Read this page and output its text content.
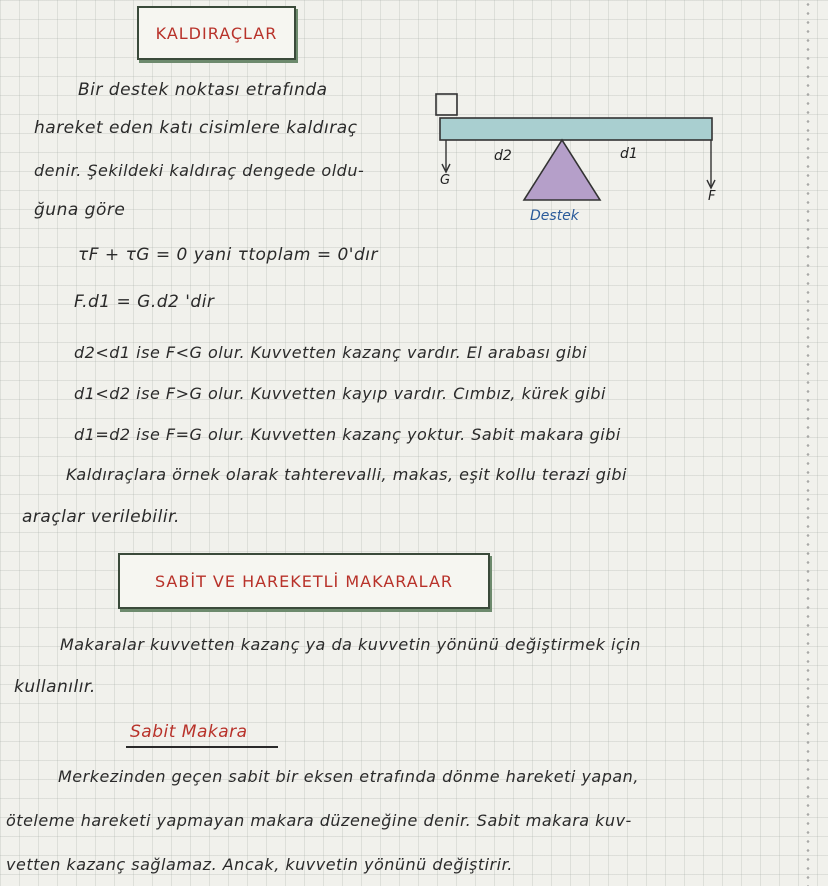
KALDIRAÇLAR
Bir destek noktası etrafında
hareket eden katı cisimlere kaldıraç
denir. Şekildeki kaldıraç dengede oldu-
ğuna göre
G
F
d2	d1
Destek
τF + τG = 0 yani τtoplam = 0'dır
F.d1 = G.d2 'dir
d2<d1 ise F<G olur. Kuvvetten kazanç vardır. El arabası gibi
d1<d2 ise F>G olur. Kuvvetten kayıp vardır. Cımbız, kürek gibi
d1=d2 ise F=G olur. Kuvvetten kazanç yoktur. Sabit makara gibi
Kaldıraçlara örnek olarak tahterevalli, makas, eşit kollu terazi gibi
araçlar verilebilir.
SABİT VE HAREKETLİ MAKARALAR
Makaralar kuvvetten kazanç ya da kuvvetin yönünü değiştirmek için
kullanılır.
Sabit Makara
Merkezinden geçen sabit bir eksen etrafında dönme hareketi yapan,
öteleme hareketi yapmayan makara düzeneğine denir. Sabit makara kuv-
vetten kazanç sağlamaz. Ancak, kuvvetin yönünü değiştirir.
